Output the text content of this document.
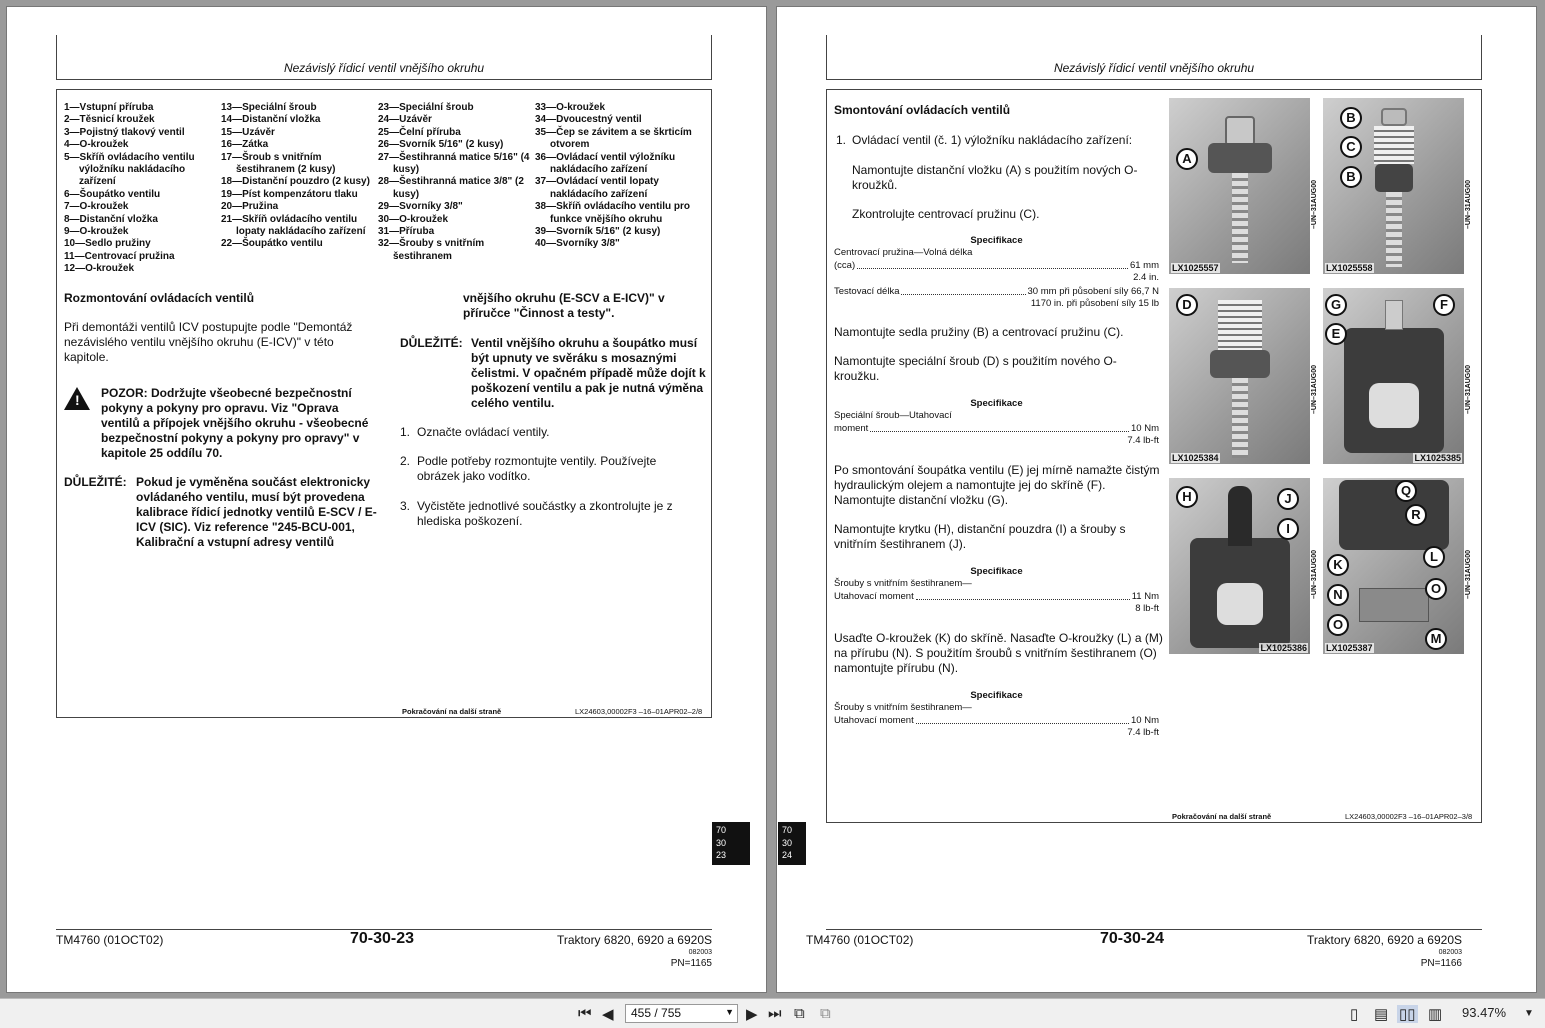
Nezávislý řídicí ventil vnějšího okruhu
1—Vstupní příruba
2—Těsnicí kroužek
3—Pojistný tlakový ventil
4—O-kroužek
5—Skříň ovládacího ventilu výložníku nakládacího zařízení
6—Šoupátko ventilu
7—O-kroužek
8—Distanční vložka
9—O-kroužek
10—Sedlo pružiny
11—Centrovací pružina
12—O-kroužek
13—Speciální šroub
14—Distanční vložka
15—Uzávěr
16—Zátka
17—Šroub s vnitřním šestihranem (2 kusy)
18—Distanční pouzdro (2 kusy)
19—Píst kompenzátoru tlaku
20—Pružina
21—Skříň ovládacího ventilu lopaty nakládacího zařízení
22—Šoupátko ventilu
23—Speciální šroub
24—Uzávěr
25—Čelní příruba
26—Svorník 5/16" (2 kusy)
27—Šestihranná matice 5/16" (4 kusy)
28—Šestihranná matice 3/8" (2 kusy)
29—Svorníky 3/8"
30—O-kroužek
31—Příruba
32—Šrouby s vnitřním šestihranem
33—O-kroužek
34—Dvoucestný ventil
35—Čep se závitem a se škrticím otvorem
36—Ovládací ventil výložníku nakládacího zařízení
37—Ovládací ventil lopaty nakládacího zařízení
38—Skříň ovládacího ventilu pro funkce vnějšího okruhu
39—Svorník 5/16" (2 kusy)
40—Svorníky 3/8"
Rozmontování ovládacích ventilů
Při demontáži ventilů ICV postupujte podle "Demontáž nezávislého ventilu vnějšího okruhu (E-ICV)" v této kapitole.
! POZOR: Dodržujte všeobecné bezpečnostní pokyny a pokyny pro opravu. Viz "Oprava ventilů a přípojek vnějšího okruhu - všeobecné bezpečnostní pokyny a pokyny pro opravy" v kapitole 25 oddílu 70.
DŮLEŽITÉ: Pokud je vyměněna součást elektronicky ovládaného ventilu, musí být provedena kalibrace řídicí jednotky ventilů E-SCV / E-ICV (SIC). Viz reference "245-BCU-001, Kalibrační a vstupní adresy ventilů
vnějšího okruhu (E-SCV a E-ICV)" v příručce "Činnost a testy".
DŮLEŽITÉ: Ventil vnějšího okruhu a šoupátko musí být upnuty ve svěráku s mosaznými čelistmi. V opačném případě může dojít k poškození ventilu a pak je nutná výměna celého ventilu.
1. Označte ovládací ventily.
2. Podle potřeby rozmontujte ventily. Používejte obrázek jako vodítko.
3. Vyčistěte jednotlivé součástky a zkontrolujte je z hlediska poškození.
Pokračování na další straně	LX24603,00002F3 –16–01APR02–2/8
70
30
23
TM4760 (01OCT02)	70-30-23	Traktory 6820, 6920 a 6920S
082003
PN=1165
Nezávislý řídicí ventil vnějšího okruhu
Smontování ovládacích ventilů
1. Ovládací ventil (č. 1) výložníku nakládacího zařízení:
Namontujte distanční vložku (A) s použitím nových O-kroužků.
Zkontrolujte centrovací pružinu (C).
Specifikace
Centrovací pružina—Volná délka
(cca)	61 mm
2.4 in.
Testovací délka	30 mm při působení síly 66,7 N
1170 in. při působení síly 15 lb
Namontujte sedla pružiny (B) a centrovací pružinu (C).
Namontujte speciální šroub (D) s použitím nového O-kroužku.
Specifikace
Speciální šroub—Utahovací
moment	10 Nm
7.4 lb-ft
Po smontování šoupátka ventilu (E) jej mírně namažte čistým hydraulickým olejem a namontujte jej do skříně (F). Namontujte distanční vložku (G).
Namontujte krytku (H), distanční pouzdra (I) a šrouby s vnitřním šestihranem (J).
Specifikace
Šrouby s vnitřním šestihranem—
Utahovací moment	11 Nm
8 lb-ft
Usaďte O-kroužek (K) do skříně. Nasaďte O-kroužky (L) a (M) na přírubu (N). S použitím šroubů s vnitřním šestihranem (O) namontujte přírubu (N).
Specifikace
Šrouby s vnitřním šestihranem—
Utahovací moment	10 Nm
7.4 lb-ft
A
LX1025557
–UN–31AUG00
B
C
B
LX1025558
–UN–31AUG00
D
LX1025384
–UN–31AUG00
G	F
E
LX1025385
–UN–31AUG00
H	J
I
LX1025386
–UN–31AUG00
Q
R
K
L
N	O
O
M
LX1025387
–UN–31AUG00
Pokračování na další straně	LX24603,00002F3 –16–01APR02–3/8
70
30
24
TM4760 (01OCT02)	70-30-24	Traktory 6820, 6920 a 6920S
082003
PN=1166
⏮ ◀	455 / 755	▼ ▶ ⏭ ⧉ ⧉	▯ ▤ ▯▯ ▥ 93.47% ▼
